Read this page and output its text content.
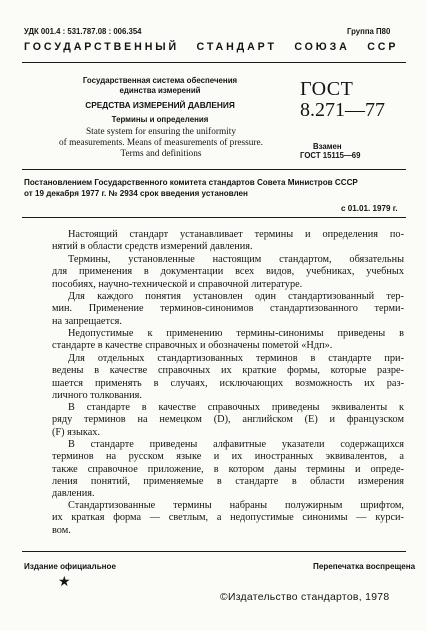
УДК 001.4 : 531.787.08 : 006.354	Группа П80
ГОСУДАРСТВЕННЫЙ   СТАНДАРТ   СОЮЗА   ССР
Государственная система обеспечения
единства измерений
СРЕДСТВА ИЗМЕРЕНИЙ ДАВЛЕНИЯ
Термины и определения
State system for ensuring the uniformity
of measurements. Means of measurements of pressure.
Terms and definitions
ГОСТ
8.271—77
Взамен
ГОСТ 15115—69
Постановлением Государственного комитета стандартов Совета Министров СССР
от 19 декабря 1977 г. № 2934 срок введения установлен
с 01.01. 1979 г.
Настоящий стандарт устанавливает термины и определения по-
нятий в области средств измерений давления.
Термины, установленные настоящим стандартом, обязательны
для применения в документации всех видов, учебниках, учебных
пособиях, научно-технической и справочной литературе.
Для каждого понятия установлен один стандартизованный тер-
мин. Применение терминов-синонимов стандартизованного терми-
на запрещается.
Недопустимые к применению термины-синонимы приведены в
стандарте в качестве справочных и обозначены пометой «Ндп».
Для отдельных стандартизованных терминов в стандарте при-
ведены в качестве справочных их краткие формы, которые разре-
шается применять в случаях, исключающих возможность их раз-
личного толкования.
В стандарте в качестве справочных приведены эквиваленты к
ряду терминов на немецком (D), английском (E) и французском
(F) языках.
В стандарте приведены алфавитные указатели содержащихся
терминов на русском языке и их иностранных эквивалентов, а
также справочное приложение, в котором даны термины и опреде-
ления понятий, применяемые в стандарте в области измерения
давления.
Стандартизованные термины набраны полужирным шрифтом,
их краткая форма — светлым, а недопустимые синонимы — курси-
вом.
Издание официальное	Перепечатка воспрещена
★
©Издательство стандартов, 1978
